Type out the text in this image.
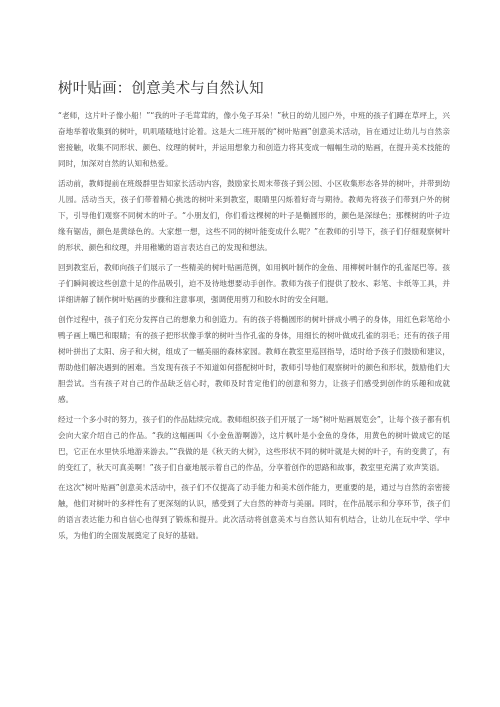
树叶贴画：创意美术与自然认知

“老师，这片叶子像小船！”“我的叶子毛茸茸的，像小兔子耳朵！”秋日的幼儿园户外，中班的孩子们蹲在草坪上，兴奋地举着收集到的树叶，叽叽喳喳地讨论着。这是大二班开展的“树叶贴画”创意美术活动，旨在通过让幼儿与自然亲密接触，收集不同形状、颜色、纹理的树叶，并运用想象力和创造力将其变成一幅幅生动的贴画，在提升美术技能的同时，加深对自然的认知和热爱。

活动前，教师提前在班级群里告知家长活动内容，鼓励家长周末带孩子到公园、小区收集形态各异的树叶，并带到幼儿园。活动当天，孩子们带着精心挑选的树叶来到教室，眼睛里闪烁着好奇与期待。教师先将孩子们带到户外的树下，引导他们观察不同树木的叶子。“小朋友们，你们看这棵树的叶子是椭圆形的，颜色是深绿色；那棵树的叶子边缘有锯齿，颜色是黄绿色的。大家想一想，这些不同的树叶能变成什么呢？”在教师的引导下，孩子们仔细观察树叶的形状、颜色和纹理，并用稚嫩的语言表达自己的发现和想法。

回到教室后，教师向孩子们展示了一些精美的树叶贴画范例，如用枫叶制作的金鱼、用柳树叶制作的孔雀尾巴等。孩子们瞬间被这些创意十足的作品吸引，迫不及待地想要动手创作。教师为孩子们提供了胶水、彩笔、卡纸等工具，并详细讲解了制作树叶贴画的步骤和注意事项，强调使用剪刀和胶水时的安全问题。

创作过程中，孩子们充分发挥自己的想象力和创造力。有的孩子将椭圆形的树叶拼成小鸭子的身体，用红色彩笔给小鸭子画上嘴巴和眼睛；有的孩子把形状像手掌的树叶当作孔雀的身体，用细长的树叶做成孔雀的羽毛；还有的孩子用树叶拼出了太阳、房子和大树，组成了一幅美丽的森林家园。教师在教室里巡回指导，适时给予孩子们鼓励和建议，帮助他们解决遇到的困难。当发现有孩子不知道如何搭配树叶时，教师引导他们观察树叶的颜色和形状，鼓励他们大胆尝试。当有孩子对自己的作品缺乏信心时，教师及时肯定他们的创意和努力，让孩子们感受到创作的乐趣和成就感。

经过一个多小时的努力，孩子们的作品陆续完成。教师组织孩子们开展了一场“树叶贴画展览会”，让每个孩子都有机会向大家介绍自己的作品。“我的这幅画叫《小金鱼游啊游》，这片枫叶是小金鱼的身体，用黄色的树叶做成它的尾巴，它正在水里快乐地游来游去。”“我做的是《秋天的大树》，这些形状不同的树叶就是大树的叶子，有的变黄了，有的变红了，秋天可真美啊！”孩子们自豪地展示着自己的作品，分享着创作的思路和故事，教室里充满了欢声笑语。

在这次“树叶贴画”创意美术活动中，孩子们不仅提高了动手能力和美术创作能力，更重要的是，通过与自然的亲密接触，他们对树叶的多样性有了更深刻的认识，感受到了大自然的神奇与美丽。同时，在作品展示和分享环节，孩子们的语言表达能力和自信心也得到了锻炼和提升。此次活动将创意美术与自然认知有机结合，让幼儿在玩中学、学中乐，为他们的全面发展奠定了良好的基础。
